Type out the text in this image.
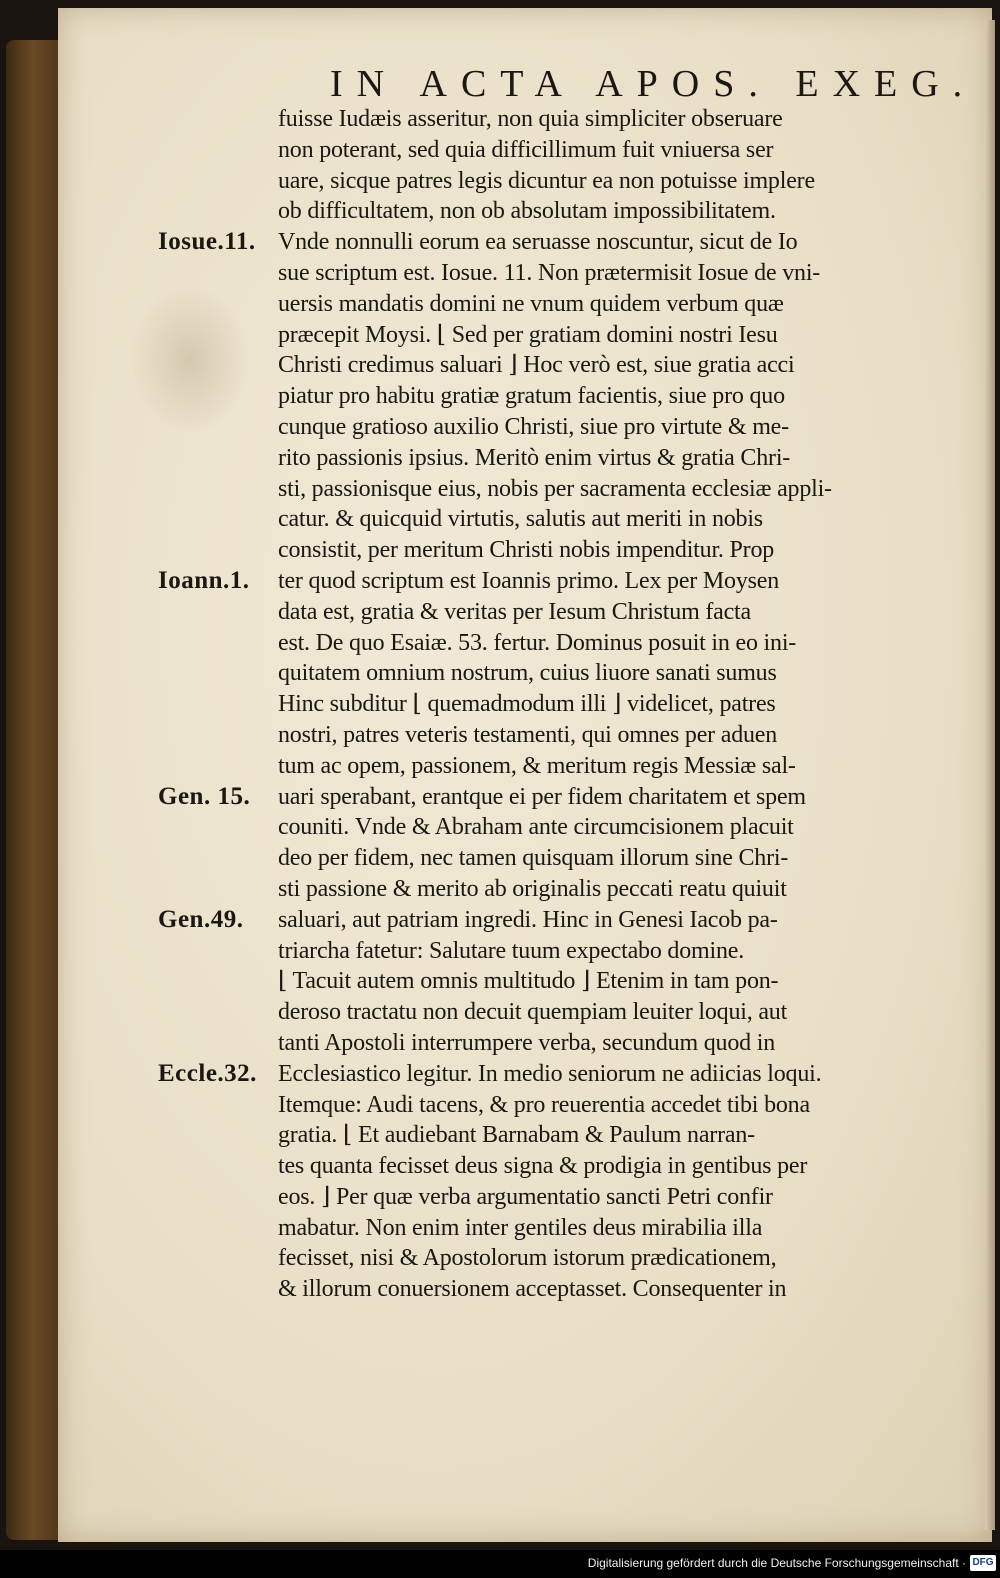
IN ACTA APOS. EXEG.
fuisse Iudæis asseritur, non quia simpliciter obseruare
non poterant, sed quia difficillimum fuit vniuersa ser
uare, sicque patres legis dicuntur ea non potuisse implere
ob difficultatem, non ob absolutam impossibilitatem.
Vnde nonnulli eorum ea seruasse noscuntur, sicut de Io
sue scriptum est. Iosue. 11. Non prætermisit Iosue de vni-
uersis mandatis domini ne vnum quidem verbum quæ
præcepit Moysi. ⌊ Sed per gratiam domini nostri Iesu
Christi credimus saluari ⌋ Hoc verò est, siue gratia acci
piatur pro habitu gratiæ gratum facientis, siue pro quo
cunque gratioso auxilio Christi, siue pro virtute & me-
rito passionis ipsius. Meritò enim virtus & gratia Chri-
sti, passionisque eius, nobis per sacramenta ecclesiæ appli-
catur. & quicquid virtutis, salutis aut meriti in nobis
consistit, per meritum Christi nobis impenditur. Prop
ter quod scriptum est Ioannis primo. Lex per Moysen
data est, gratia & veritas per Iesum Christum facta
est. De quo Esaiæ. 53. fertur. Dominus posuit in eo ini-
quitatem omnium nostrum, cuius liuore sanati sumus
Hinc subditur ⌊ quemadmodum illi ⌋ videlicet, patres
nostri, patres veteris testamenti, qui omnes per aduen
tum ac opem, passionem, & meritum regis Messiæ sal-
uari sperabant, erantque ei per fidem charitatem et spem
counitі. Vnde & Abraham ante circumcisionem placuit
deo per fidem, nec tamen quisquam illorum sine Chri-
sti passione & merito ab originalis peccati reatu quiuit
saluari, aut patriam ingredi. Hinc in Genesi Iacob pa-
triarcha fatetur: Salutare tuum expectabo domine.
⌊ Tacuit autem omnis multitudo ⌋ Etenim in tam pon-
deroso tractatu non decuit quempiam leuiter loqui, aut
tanti Apostoli interrumpere verba, secundum quod in
Ecclesiastico legitur. In medio seniorum ne adiicias loqui.
Itemque: Audi tacens, & pro reuerentia accedet tibi bona
gratia. ⌊ Et audiebant Barnabam & Paulum narran-
tes quanta fecisset deus signa & prodigia in gentibus per
eos. ⌋ Per quæ verba argumentatio sancti Petri confir
mabatur. Non enim inter gentiles deus mirabilia illa
fecisset, nisi & Apostolorum istorum prædicationem,
& illorum conuersionem acceptasset. Consequenter in
Iosue.11.
Ioann.1.
Gen. 15.
Gen.49.
Eccle.32.
Digitalisierung gefördert durch die Deutsche Forschungsgemeinschaft · DFG
